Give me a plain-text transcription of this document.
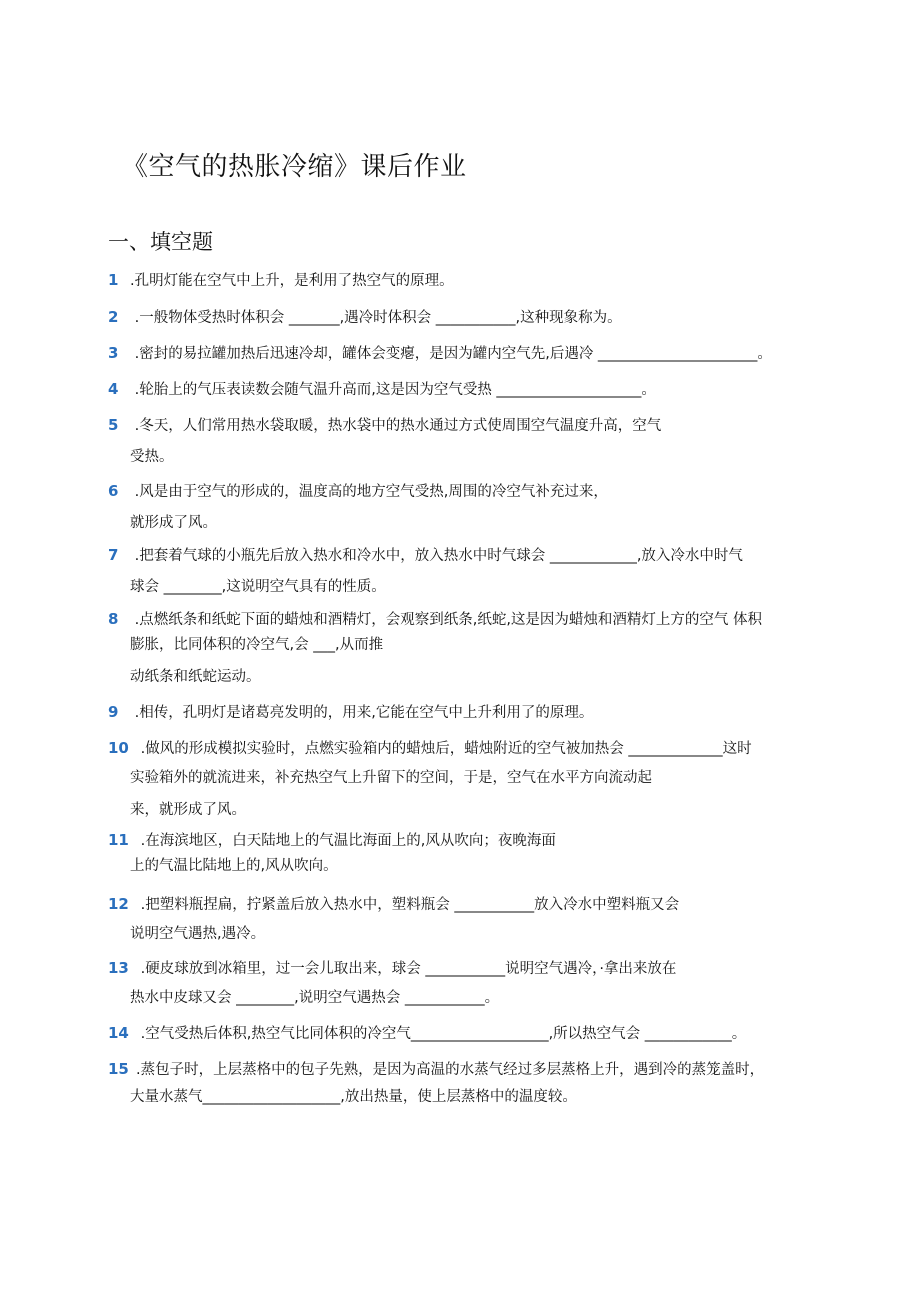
《空气的热胀冷缩》课后作业
一、填空题
1 .孔明灯能在空气中上升，是利用了热空气的原理。
2 .一般物体受热时体积会 _______,遇冷时体积会 ___________,这种现象称为。
3 .密封的易拉罐加热后迅速冷却，罐体会变瘪，是因为罐内空气先,后遇冷 ______________________。
4 .轮胎上的气压表读数会随气温升高而,这是因为空气受热 ____________________。
5 .冬天，人们常用热水袋取暖，热水袋中的热水通过方式使周围空气温度升高，空气
受热。
6 .风是由于空气的形成的，温度高的地方空气受热,周围的冷空气补充过来，
就形成了风。
7 .把套着气球的小瓶先后放入热水和冷水中，放入热水中时气球会 ____________,放入冷水中时气
球会 ________,这说明空气具有的性质。
8 .点燃纸条和纸蛇下面的蜡烛和酒精灯，会观察到纸条,纸蛇,这是因为蜡烛和酒精灯上方的空气 体积
膨胀，比同体积的冷空气,会 ___,从而推
动纸条和纸蛇运动。
9 .相传，孔明灯是诸葛亮发明的，用来,它能在空气中上升利用了的原理。
10 .做风的形成模拟实验时，点燃实验箱内的蜡烛后，蜡烛附近的空气被加热会 _____________这时
实验箱外的就流进来，补充热空气上升留下的空间，于是，空气在水平方向流动起
来，就形成了风。
11 .在海滨地区，白天陆地上的气温比海面上的,风从吹向；夜晚海面
上的气温比陆地上的,风从吹向。
12 .把塑料瓶捏扁，拧紧盖后放入热水中，塑料瓶会 ___________放入冷水中塑料瓶又会
说明空气遇热,遇冷。
13 .硬皮球放到冰箱里，过一会儿取出来，球会 ___________说明空气遇冷，·拿出来放在
热水中皮球又会 ________,说明空气遇热会 ___________。
14 .空气受热后体积,热空气比同体积的冷空气___________________,所以热空气会 ____________。
15 .蒸包子时，上层蒸格中的包子先熟，是因为高温的水蒸气经过多层蒸格上升，遇到冷的蒸笼盖时，
大量水蒸气___________________,放出热量，使上层蒸格中的温度较。
